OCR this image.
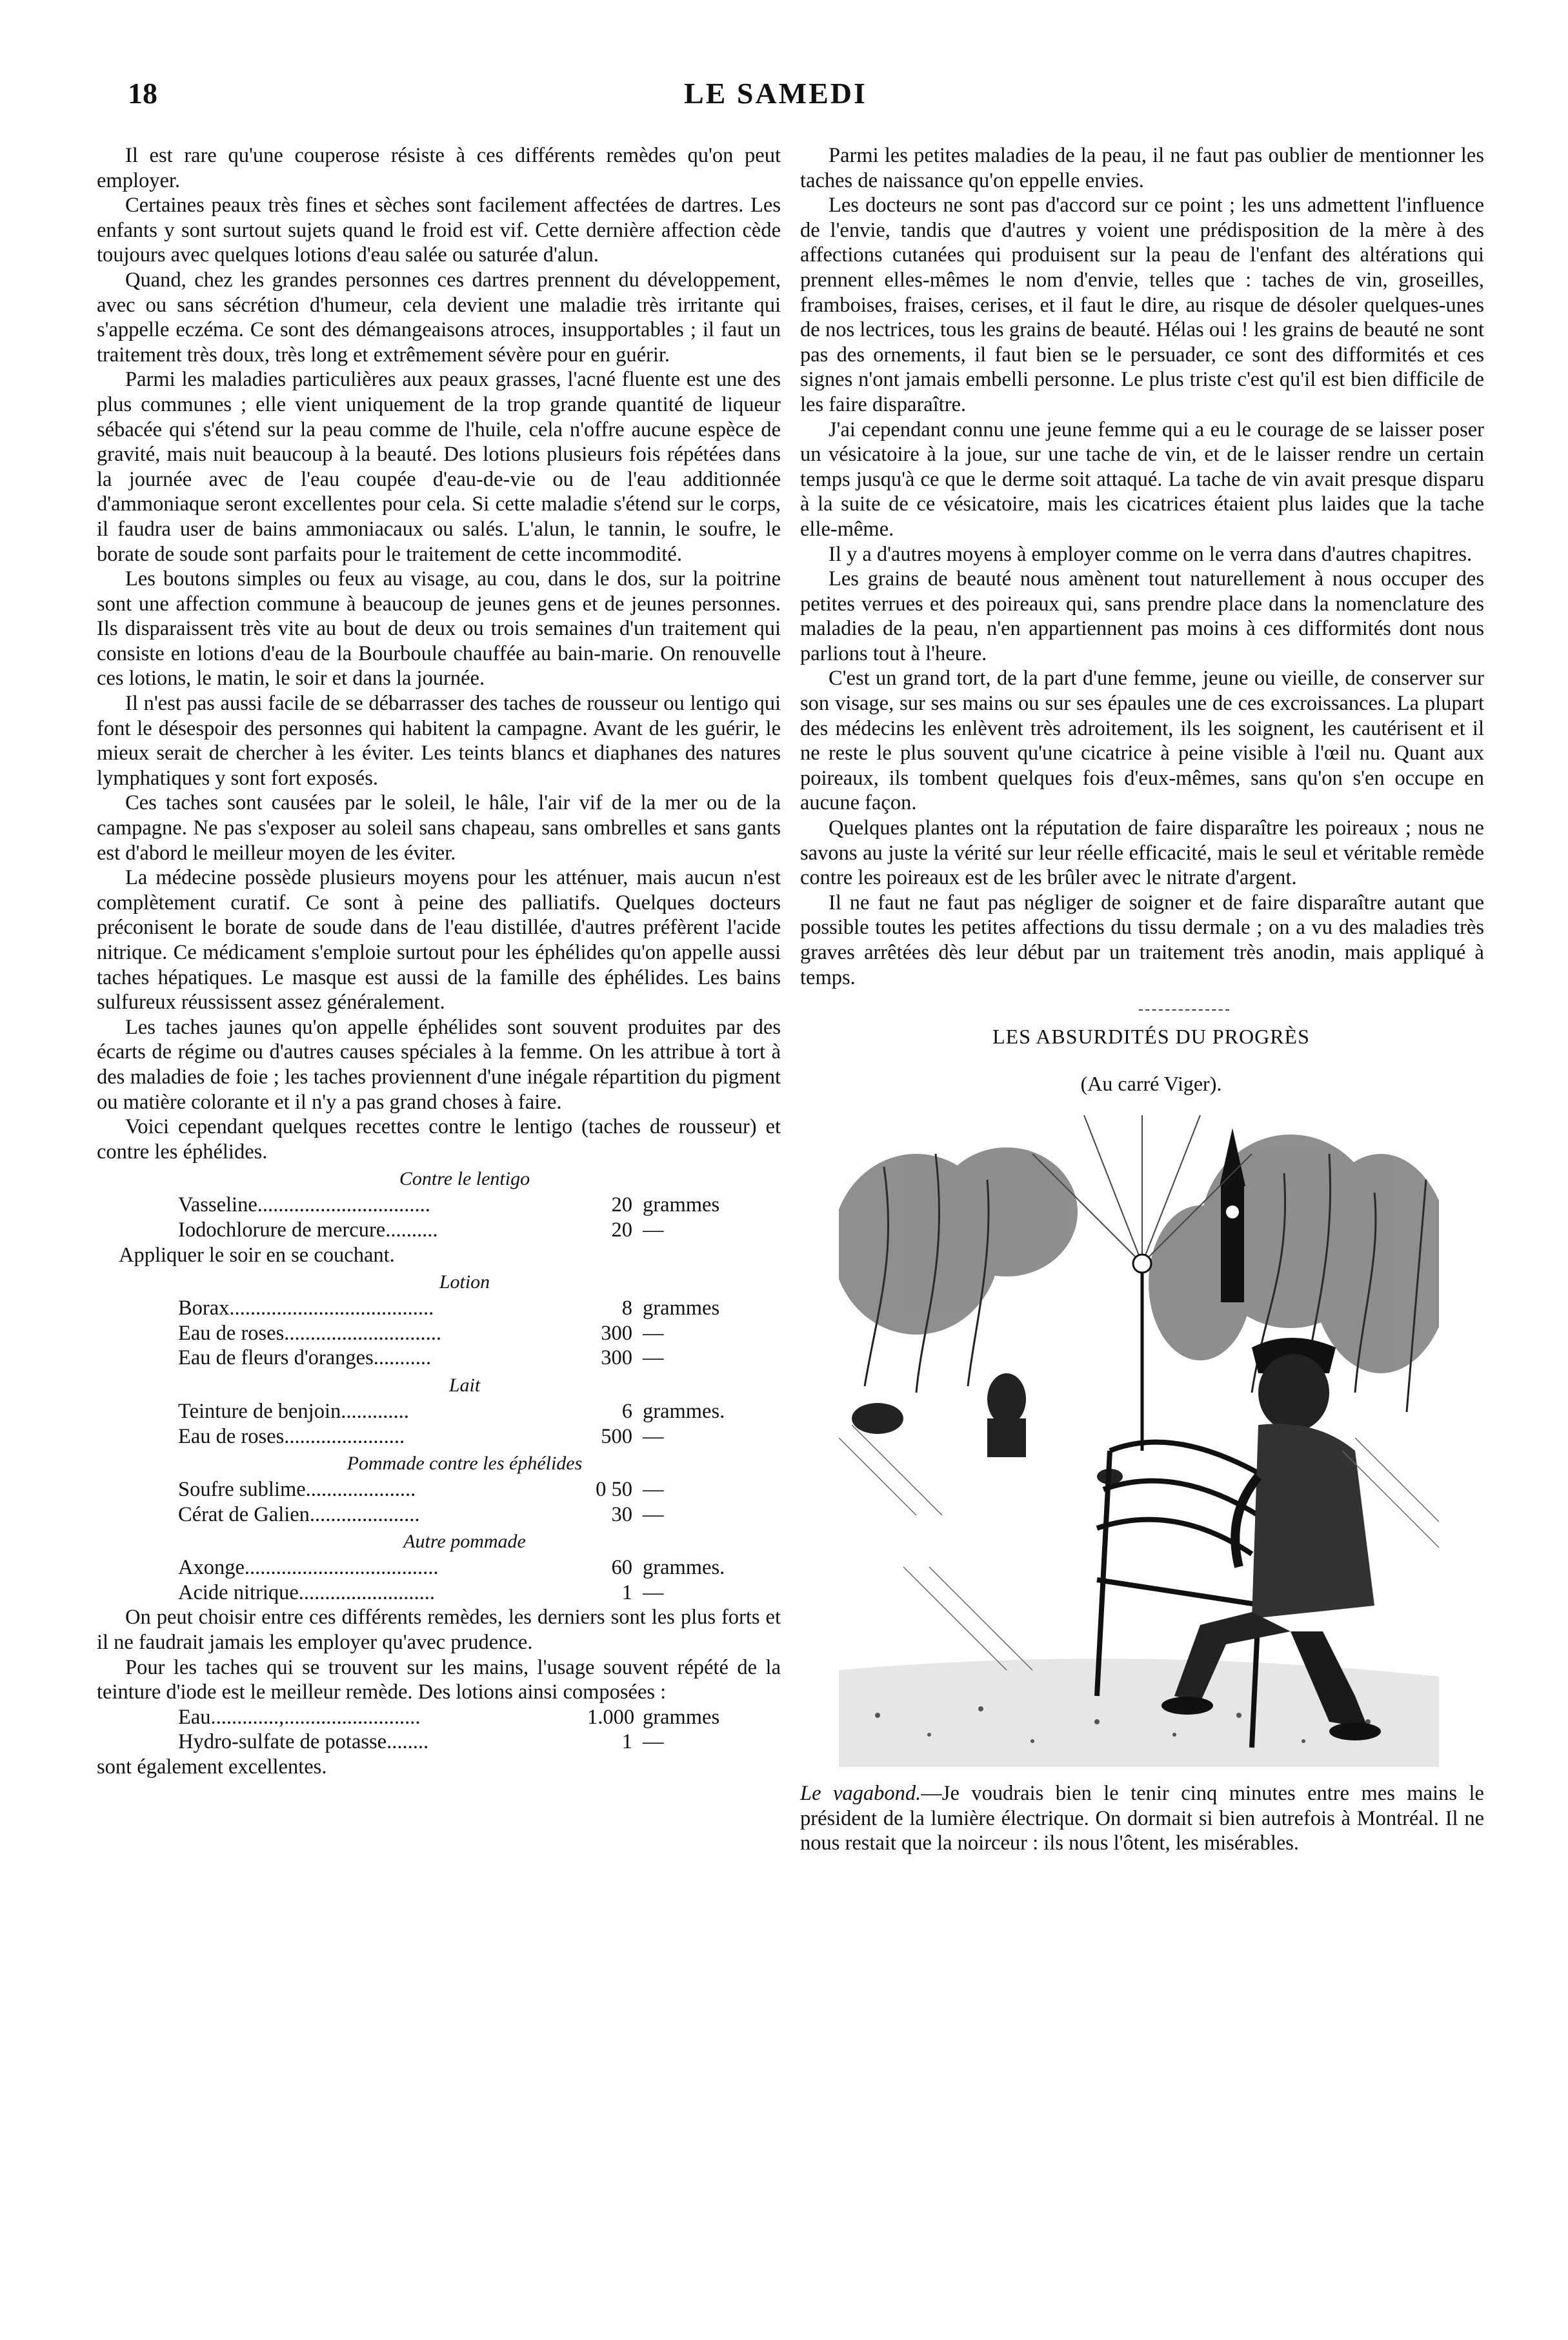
18	LE SAMEDI

Il est rare qu'une couperose résiste à ces différents remèdes qu'on peut employer.

Certaines peaux très fines et sèches sont facilement affectées de dartres. Les enfants y sont surtout sujets quand le froid est vif. Cette dernière affection cède toujours avec quelques lotions d'eau salée ou saturée d'alun.

Quand, chez les grandes personnes ces dartres prennent du développement, avec ou sans sécrétion d'humeur, cela devient une maladie très irritante qui s'appelle eczéma. Ce sont des démangeaisons atroces, insupportables ; il faut un traitement très doux, très long et extrêmement sévère pour en guérir.

Parmi les maladies particulières aux peaux grasses, l'acné fluente est une des plus communes ; elle vient uniquement de la trop grande quantité de liqueur sébacée qui s'étend sur la peau comme de l'huile, cela n'offre aucune espèce de gravité, mais nuit beaucoup à la beauté. Des lotions plusieurs fois répétées dans la journée avec de l'eau coupée d'eau-de-vie ou de l'eau additionnée d'ammoniaque seront excellentes pour cela. Si cette maladie s'étend sur le corps, il faudra user de bains ammoniacaux ou salés. L'alun, le tannin, le soufre, le borate de soude sont parfaits pour le traitement de cette incommodité.

Les boutons simples ou feux au visage, au cou, dans le dos, sur la poitrine sont une affection commune à beaucoup de jeunes gens et de jeunes personnes. Ils disparaissent très vite au bout de deux ou trois semaines d'un traitement qui consiste en lotions d'eau de la Bourboule chauffée au bain-marie. On renouvelle ces lotions, le matin, le soir et dans la journée.

Il n'est pas aussi facile de se débarrasser des taches de rousseur ou lentigo qui font le désespoir des personnes qui habitent la campagne. Avant de les guérir, le mieux serait de chercher à les éviter. Les teints blancs et diaphanes des natures lymphatiques y sont fort exposés.

Ces taches sont causées par le soleil, le hâle, l'air vif de la mer ou de la campagne. Ne pas s'exposer au soleil sans chapeau, sans ombrelles et sans gants est d'abord le meilleur moyen de les éviter.

La médecine possède plusieurs moyens pour les atténuer, mais aucun n'est complètement curatif. Ce sont à peine des palliatifs. Quelques docteurs préconisent le borate de soude dans de l'eau distillée, d'autres préfèrent l'acide nitrique. Ce médicament s'emploie surtout pour les éphélides qu'on appelle aussi taches hépatiques. Le masque est aussi de la famille des éphélides. Les bains sulfureux réussissent assez généralement.

Les taches jaunes qu'on appelle éphélides sont souvent produites par des écarts de régime ou d'autres causes spéciales à la femme. On les attribue à tort à des maladies de foie ; les taches proviennent d'une inégale répartition du pigment ou matière colorante et il n'y a pas grand choses à faire.

Voici cependant quelques recettes contre le lentigo (taches de rousseur) et contre les éphélides.

Contre le lentigo

Vasseline.................................	20 grammes
Iodochlorure de mercure..........	20 —

Appliquer le soir en se couchant.

Lotion

Borax.......................................	8 grammes
Eau de roses..............................	300 —
Eau de fleurs d'oranges...........	300 —

Lait

Teinture de benjoin.............	6 grammes.
Eau de roses.......................	500 —

Pommade contre les éphélides

Soufre sublime.....................	0 50 —
Cérat de Galien.....................	30 —

Autre pommade

Axonge.....................................	60 grammes.
Acide nitrique..........................	1 —

On peut choisir entre ces différents remèdes, les derniers sont les plus forts et il ne faudrait jamais les employer qu'avec prudence.

Pour les taches qui se trouvent sur les mains, l'usage souvent répété de la teinture d'iode est le meilleur remède. Des lotions ainsi composées :

Eau.............,..........................	1.000 grammes
Hydro-sulfate de potasse........	1 —

sont également excellentes.

Parmi les petites maladies de la peau, il ne faut pas oublier de mentionner les taches de naissance qu'on eppelle envies.

Les docteurs ne sont pas d'accord sur ce point ; les uns admettent l'influence de l'envie, tandis que d'autres y voient une prédisposition de la mère à des affections cutanées qui produisent sur la peau de l'enfant des altérations qui prennent elles-mêmes le nom d'envie, telles que : taches de vin, groseilles, framboises, fraises, cerises, et il faut le dire, au risque de désoler quelques-unes de nos lectrices, tous les grains de beauté. Hélas oui ! les grains de beauté ne sont pas des ornements, il faut bien se le persuader, ce sont des difformités et ces signes n'ont jamais embelli personne. Le plus triste c'est qu'il est bien difficile de les faire disparaître.

J'ai cependant connu une jeune femme qui a eu le courage de se laisser poser un vésicatoire à la joue, sur une tache de vin, et de le laisser rendre un certain temps jusqu'à ce que le derme soit attaqué. La tache de vin avait presque disparu à la suite de ce vésicatoire, mais les cicatrices étaient plus laides que la tache elle-même.

Il y a d'autres moyens à employer comme on le verra dans d'autres chapitres.

Les grains de beauté nous amènent tout naturellement à nous occuper des petites verrues et des poireaux qui, sans prendre place dans la nomenclature des maladies de la peau, n'en appartiennent pas moins à ces difformités dont nous parlions tout à l'heure.

C'est un grand tort, de la part d'une femme, jeune ou vieille, de conserver sur son visage, sur ses mains ou sur ses épaules une de ces excroissances. La plupart des médecins les enlèvent très adroitement, ils les soignent, les cautérisent et il ne reste le plus souvent qu'une cicatrice à peine visible à l'œil nu. Quant aux poireaux, ils tombent quelques fois d'eux-mêmes, sans qu'on s'en occupe en aucune façon.

Quelques plantes ont la réputation de faire disparaître les poireaux ; nous ne savons au juste la vérité sur leur réelle efficacité, mais le seul et véritable remède contre les poireaux est de les brûler avec le nitrate d'argent.

Il ne faut ne faut pas négliger de soigner et de faire disparaître autant que possible toutes les petites affections du tissu dermale ; on a vu des maladies très graves arrêtées dès leur début par un traitement très anodin, mais appliqué à temps.

LES ABSURDITÉS DU PROGRÈS

(Au carré Viger).

Le vagabond.—Je voudrais bien le tenir cinq minutes entre mes mains le président de la lumière électrique. On dormait si bien autrefois à Montréal. Il ne nous restait que la noirceur : ils nous l'ôtent, les misérables.
